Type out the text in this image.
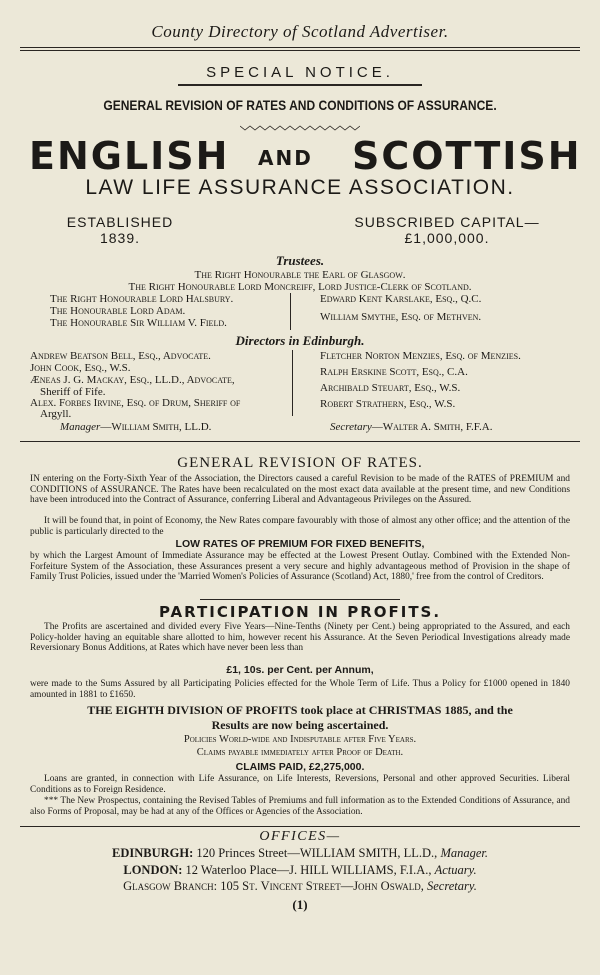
County Directory of Scotland Advertiser.
SPECIAL NOTICE.
GENERAL REVISION OF RATES AND CONDITIONS OF ASSURANCE.
ENGLISH AND SCOTTISH
LAW LIFE ASSURANCE ASSOCIATION.
ESTABLISHED
1839.
SUBSCRIBED CAPITAL—
£1,000,000.
Trustees.
The Right Honourable the Earl of Glasgow.
The Right Honourable Lord Moncreiff, Lord Justice-Clerk of Scotland.
The Right Honourable Lord Halsbury.
The Honourable Lord Adam.
The Honourable Sir William V. Field.
Edward Kent Karslake, Esq., Q.C.
William Smythe, Esq. of Methven.
Directors in Edinburgh.
Andrew Beatson Bell, Esq., Advocate.
John Cook, Esq., W.S.
Æneas J. G. Mackay, Esq., LL.D., Advocate,
Sheriff of Fife.
Alex. Forbes Irvine, Esq. of Drum, Sheriff of
Argyll.
Fletcher Norton Menzies, Esq. of Menzies.
Ralph Erskine Scott, Esq., C.A.
Archibald Steuart, Esq., W.S.
Robert Strathern, Esq., W.S.
Manager—William Smith, LL.D.	Secretary—Walter A. Smith, F.F.A.
GENERAL REVISION OF RATES.
IN entering on the Forty-Sixth Year of the Association, the Directors caused a careful Revision to be made of the RATES of PREMIUM and CONDITIONS of ASSURANCE. The Rates have been recalculated on the most exact data available at the present time, and new Conditions have been introduced into the Contract of Assurance, conferring Liberal and Advantageous Privileges on the Assured.
It will be found that, in point of Economy, the New Rates compare favourably with those of almost any other office; and the attention of the public is particularly directed to the
LOW RATES OF PREMIUM FOR FIXED BENEFITS,
by which the Largest Amount of Immediate Assurance may be effected at the Lowest Present Outlay. Combined with the Extended Non-Forfeiture System of the Association, these Assurances present a very secure and highly advantageous method of Provision in the shape of Family Trust Policies, issued under the 'Married Women's Policies of Assurance (Scotland) Act, 1880,' free from the control of Creditors.
PARTICIPATION IN PROFITS.
The Profits are ascertained and divided every Five Years—Nine-Tenths (Ninety per Cent.) being appropriated to the Assured, and each Policy-holder having an equitable share allotted to him, however recent his Assurance. At the Seven Periodical Investigations already made Reversionary Bonus Additions, at Rates which have never been less than
£1, 10s. per Cent. per Annum,
were made to the Sums Assured by all Participating Policies effected for the Whole Term of Life. Thus a Policy for £1000 opened in 1840 amounted in 1881 to £1650.
THE EIGHTH DIVISION OF PROFITS took place at CHRISTMAS 1885, and the
Results are now being ascertained.
Policies World-wide and Indisputable after Five Years.
Claims payable immediately after Proof of Death.
CLAIMS PAID, £2,275,000.
Loans are granted, in connection with Life Assurance, on Life Interests, Reversions, Personal and other approved Securities. Liberal Conditions as to Foreign Residence.
*** The New Prospectus, containing the Revised Tables of Premiums and full information as to the Extended Conditions of Assurance, and also Forms of Proposal, may be had at any of the Offices or Agencies of the Association.
OFFICES—
EDINBURGH: 120 Princes Street—WILLIAM SMITH, LL.D., Manager.
LONDON: 12 Waterloo Place—J. HILL WILLIAMS, F.I.A., Actuary.
Glasgow Branch: 105 St. Vincent Street—John Oswald, Secretary.
(1)
